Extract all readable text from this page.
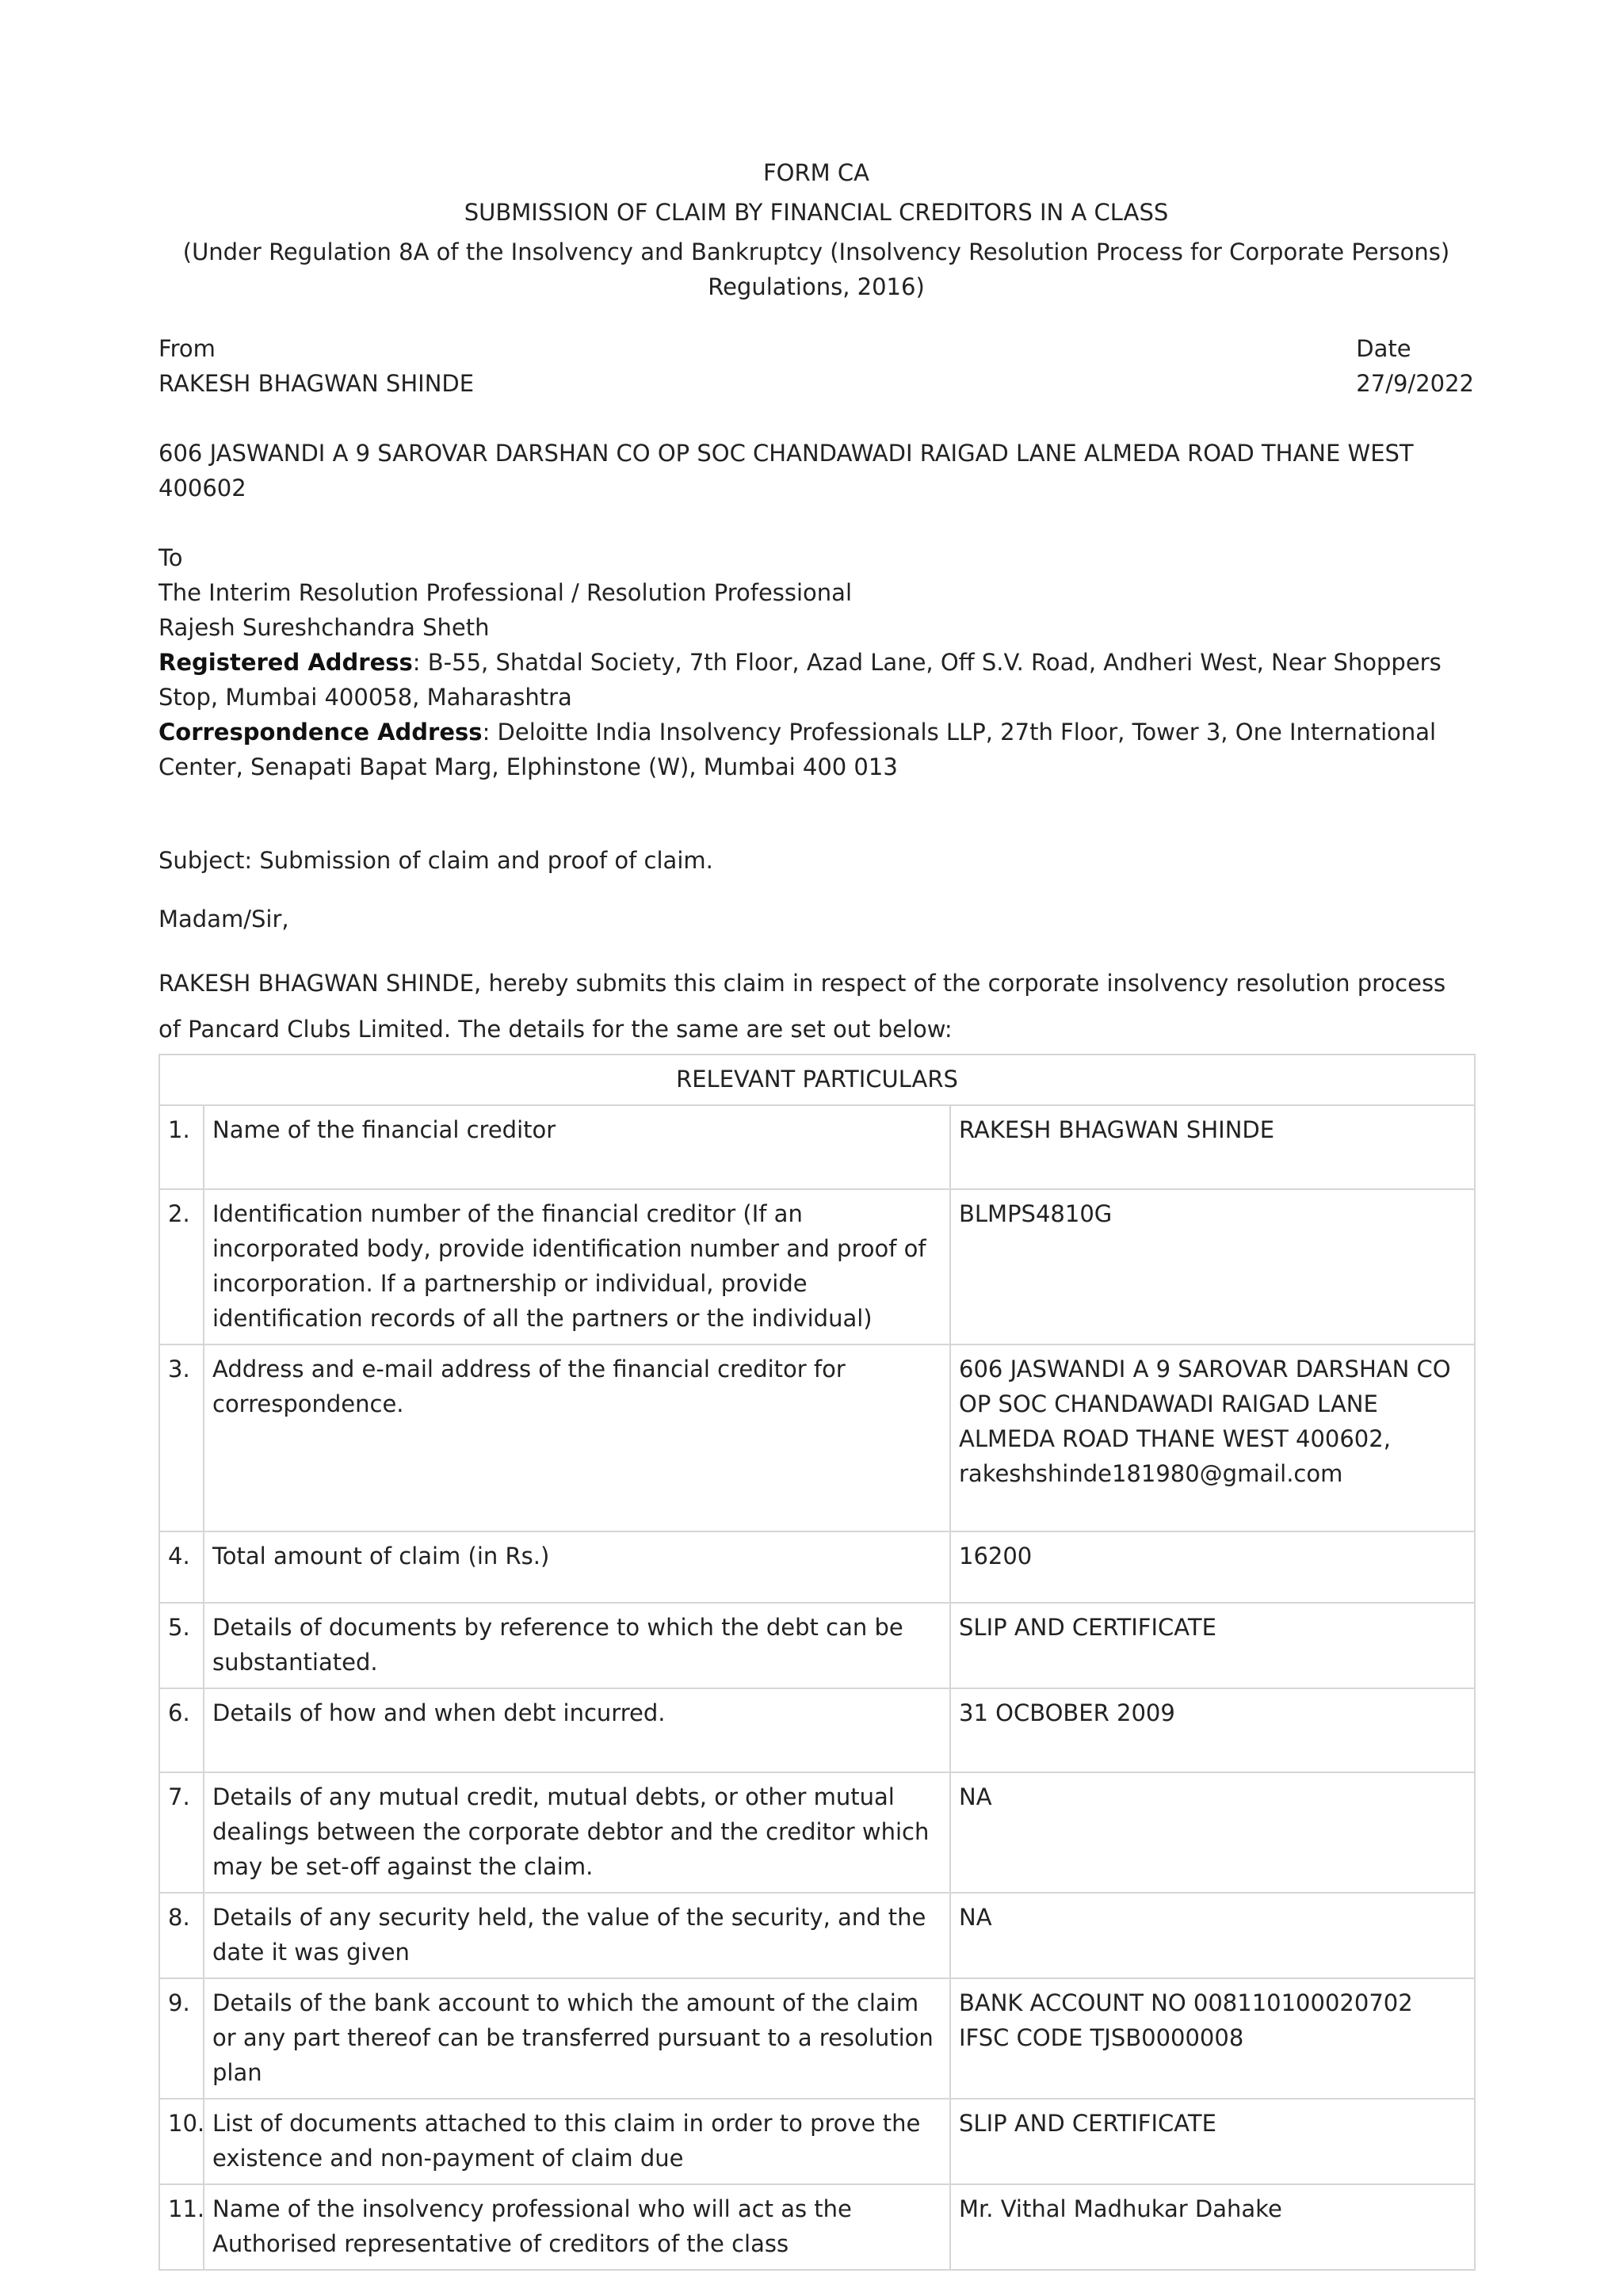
FORM CA
SUBMISSION OF CLAIM BY FINANCIAL CREDITORS IN A CLASS
(Under Regulation 8A of the Insolvency and Bankruptcy (Insolvency Resolution Process for Corporate Persons)
Regulations, 2016)
From
RAKESH BHAGWAN SHINDE
Date
27/9/2022
606 JASWANDI A 9 SAROVAR DARSHAN CO OP SOC CHANDAWADI RAIGAD LANE ALMEDA ROAD THANE WEST 400602
To
The Interim Resolution Professional / Resolution Professional
Rajesh Sureshchandra Sheth
Registered Address: B-55, Shatdal Society, 7th Floor, Azad Lane, Off S.V. Road, Andheri West, Near Shoppers Stop, Mumbai 400058, Maharashtra
Correspondence Address: Deloitte India Insolvency Professionals LLP, 27th Floor, Tower 3, One International Center, Senapati Bapat Marg, Elphinstone (W), Mumbai 400 013
Subject: Submission of claim and proof of claim.
Madam/Sir,
RAKESH BHAGWAN SHINDE, hereby submits this claim in respect of the corporate insolvency resolution process of Pancard Clubs Limited. The details for the same are set out below:
RELEVANT PARTICULARS		
1.	Name of the financial creditor	RAKESH BHAGWAN SHINDE
2.	Identification number of the financial creditor (If an incorporated body, provide identification number and proof of incorporation. If a partnership or individual, provide identification records of all the partners or the individual)	BLMPS4810G
3.	Address and e-mail address of the financial creditor for correspondence.	606 JASWANDI A 9 SAROVAR DARSHAN CO OP SOC CHANDAWADI RAIGAD LANE ALMEDA ROAD THANE WEST 400602, rakeshshinde181980@gmail.com
4.	Total amount of claim (in Rs.)	16200
5.	Details of documents by reference to which the debt can be substantiated.	SLIP AND CERTIFICATE
6.	Details of how and when debt incurred.	31 OCBOBER 2009
7.	Details of any mutual credit, mutual debts, or other mutual dealings between the corporate debtor and the creditor which may be set-off against the claim.	NA
8.	Details of any security held, the value of the security, and the date it was given	NA
9.	Details of the bank account to which the amount of the claim or any part thereof can be transferred pursuant to a resolution plan	BANK ACCOUNT NO 008110100020702 IFSC CODE TJSB0000008
10.	List of documents attached to this claim in order to prove the existence and non-payment of claim due	SLIP AND CERTIFICATE
11.	Name of the insolvency professional who will act as the Authorised representative of creditors of the class	Mr. Vithal Madhukar Dahake
